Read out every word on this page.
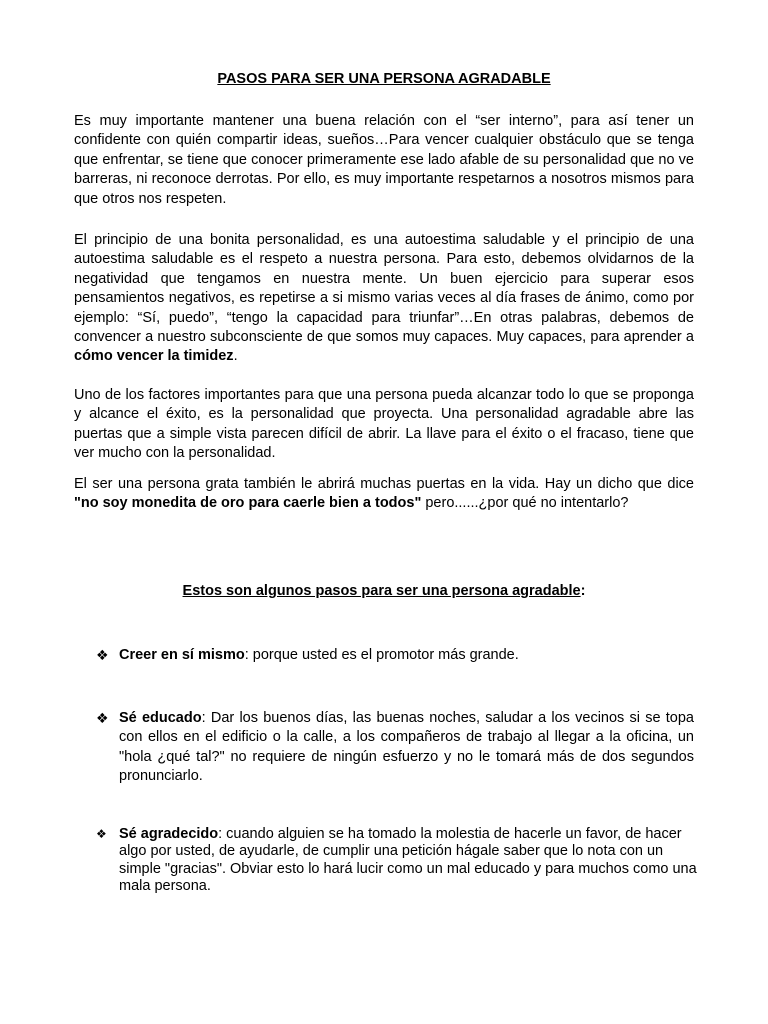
PASOS PARA SER UNA PERSONA AGRADABLE

Es muy importante mantener una buena relación con el “ser interno”, para así tener un confidente con quién compartir ideas, sueños…Para vencer cualquier obstáculo que se tenga que enfrentar, se tiene que conocer primeramente ese lado afable de su personalidad que no ve barreras, ni reconoce derrotas. Por ello, es muy importante respetarnos a nosotros mismos para que otros nos respeten.

El principio de una bonita personalidad, es una autoestima saludable y el principio de una autoestima saludable es el respeto a nuestra persona. Para esto, debemos olvidarnos de la negatividad que tengamos en nuestra mente. Un buen ejercicio para superar esos pensamientos negativos, es repetirse a si mismo varias veces al día frases de ánimo, como por ejemplo: “Sí, puedo”, “tengo la capacidad para triunfar”…En otras palabras, debemos de convencer a nuestro subconsciente de que somos muy capaces. Muy capaces, para aprender a cómo vencer la timidez.

Uno de los factores importantes para que una persona pueda alcanzar todo lo que se proponga y alcance el éxito, es la personalidad que proyecta. Una personalidad agradable abre las puertas que a simple vista parecen difícil de abrir. La llave para el éxito o el fracaso, tiene que ver mucho con la personalidad.

El ser una persona grata también le abrirá muchas puertas en la vida. Hay un dicho que dice "no soy monedita de oro para caerle bien a todos" pero......¿por qué no intentarlo?

Estos son algunos pasos para ser una persona agradable:
❖ Creer en sí mismo: porque usted es el promotor más grande.
❖ Sé educado: Dar los buenos días, las buenas noches, saludar a los vecinos si se topa con ellos en el edificio o la calle, a los compañeros de trabajo al llegar a la oficina, un "hola ¿qué tal?" no requiere de ningún esfuerzo y no le tomará más de dos segundos pronunciarlo.
❖ Sé agradecido: cuando alguien se ha tomado la molestia de hacerle un favor, de hacer algo por usted, de ayudarle, de cumplir una petición hágale saber que lo nota con un simple "gracias". Obviar esto lo hará lucir como un mal educado y para muchos como una mala persona.
